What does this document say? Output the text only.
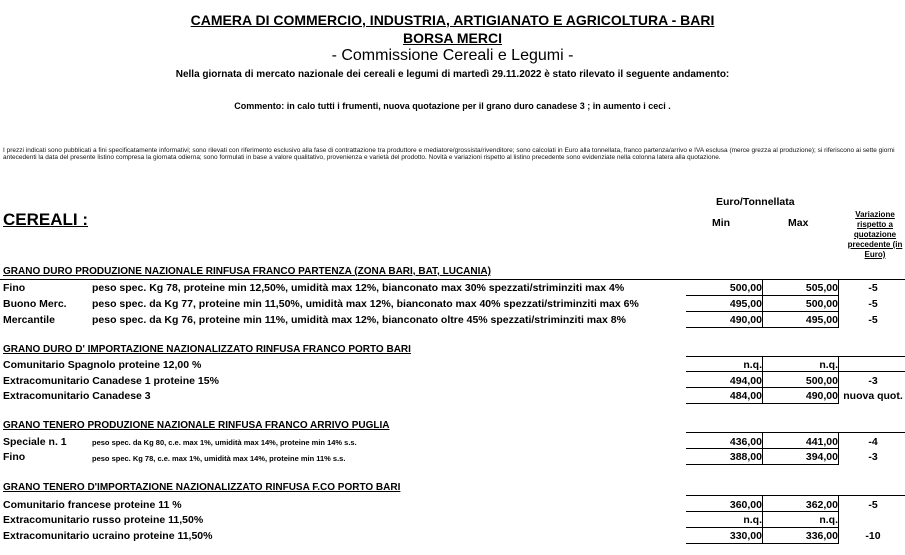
CAMERA DI COMMERCIO, INDUSTRIA, ARTIGIANATO E AGRICOLTURA - BARI
BORSA MERCI
- Commissione Cereali e Legumi -
Nella giornata di mercato nazionale dei cereali e legumi di martedì 29.11.2022 è stato rilevato il seguente andamento:
Commento: in calo tutti i frumenti, nuova quotazione per il grano duro canadese 3 ; in aumento i ceci .
I prezzi indicati sono pubblicati a fini specificatamente informativi; sono rilevati con riferimento esclusivo alla fase di contrattazione tra produttore e mediatore/grossista/rivenditore; sono calcolati in Euro alla tonnellata, franco partenza/arrivo e IVA esclusa (merce grezza al produzione); si riferiscono ai sette giorni antecedenti la data del presente listino compresa la giornata odierna; sono formulati in base a valore qualitativo, provenienza e varietà del prodotto. Novità e variazioni rispetto al listino precedente sono evidenziate nella colonna latera alla quotazione.
Euro/Tonnellata
CEREALI :	Min	Max
Variazione rispetto a quotazione precedente (in Euro)
GRANO DURO PRODUZIONE NAZIONALE RINFUSA FRANCO PARTENZA (ZONA BARI, BAT, LUCANIA)
Fino	peso spec. Kg 78, proteine min 12,50%, umidità max 12%, bianconato max 30% spezzati/striminziti max 4%	500,00	505,00	-5
Buono Merc. peso spec. da Kg 77, proteine min 11,50%, umidità max 12%, bianconato max 40% spezzati/striminziti max 6%	495,00	500,00	-5
Mercantile	peso spec. da Kg 76, proteine min 11%, umidità max 12%, bianconato oltre 45% spezzati/striminziti max 8%	490,00	495,00	-5
GRANO DURO D' IMPORTAZIONE NAZIONALIZZATO RINFUSA FRANCO PORTO BARI
Comunitario Spagnolo proteine 12,00 %	n.q.	n.q.
Extracomunitario Canadese 1 proteine 15%	494,00	500,00	-3
Extracomunitario Canadese 3	484,00	490,00 nuova quot.
GRANO TENERO PRODUZIONE NAZIONALE RINFUSA FRANCO ARRIVO PUGLIA
Speciale n. 1	peso spec. da Kg 80, c.e. max 1%, umidità max 14%, proteine min 14% s.s.	436,00	441,00	-4
Fino	peso spec. Kg 78, c.e. max 1%, umidità max 14%, proteine min 11% s.s.	388,00	394,00	-3
GRANO TENERO D'IMPORTAZIONE NAZIONALIZZATO RINFUSA F.CO PORTO BARI
Comunitario francese proteine 11 %	360,00	362,00	-5
Extracomunitario russo proteine 11,50%	n.q.	n.q.
Extracomunitario ucraino proteine 11,50%	330,00	336,00	-10
